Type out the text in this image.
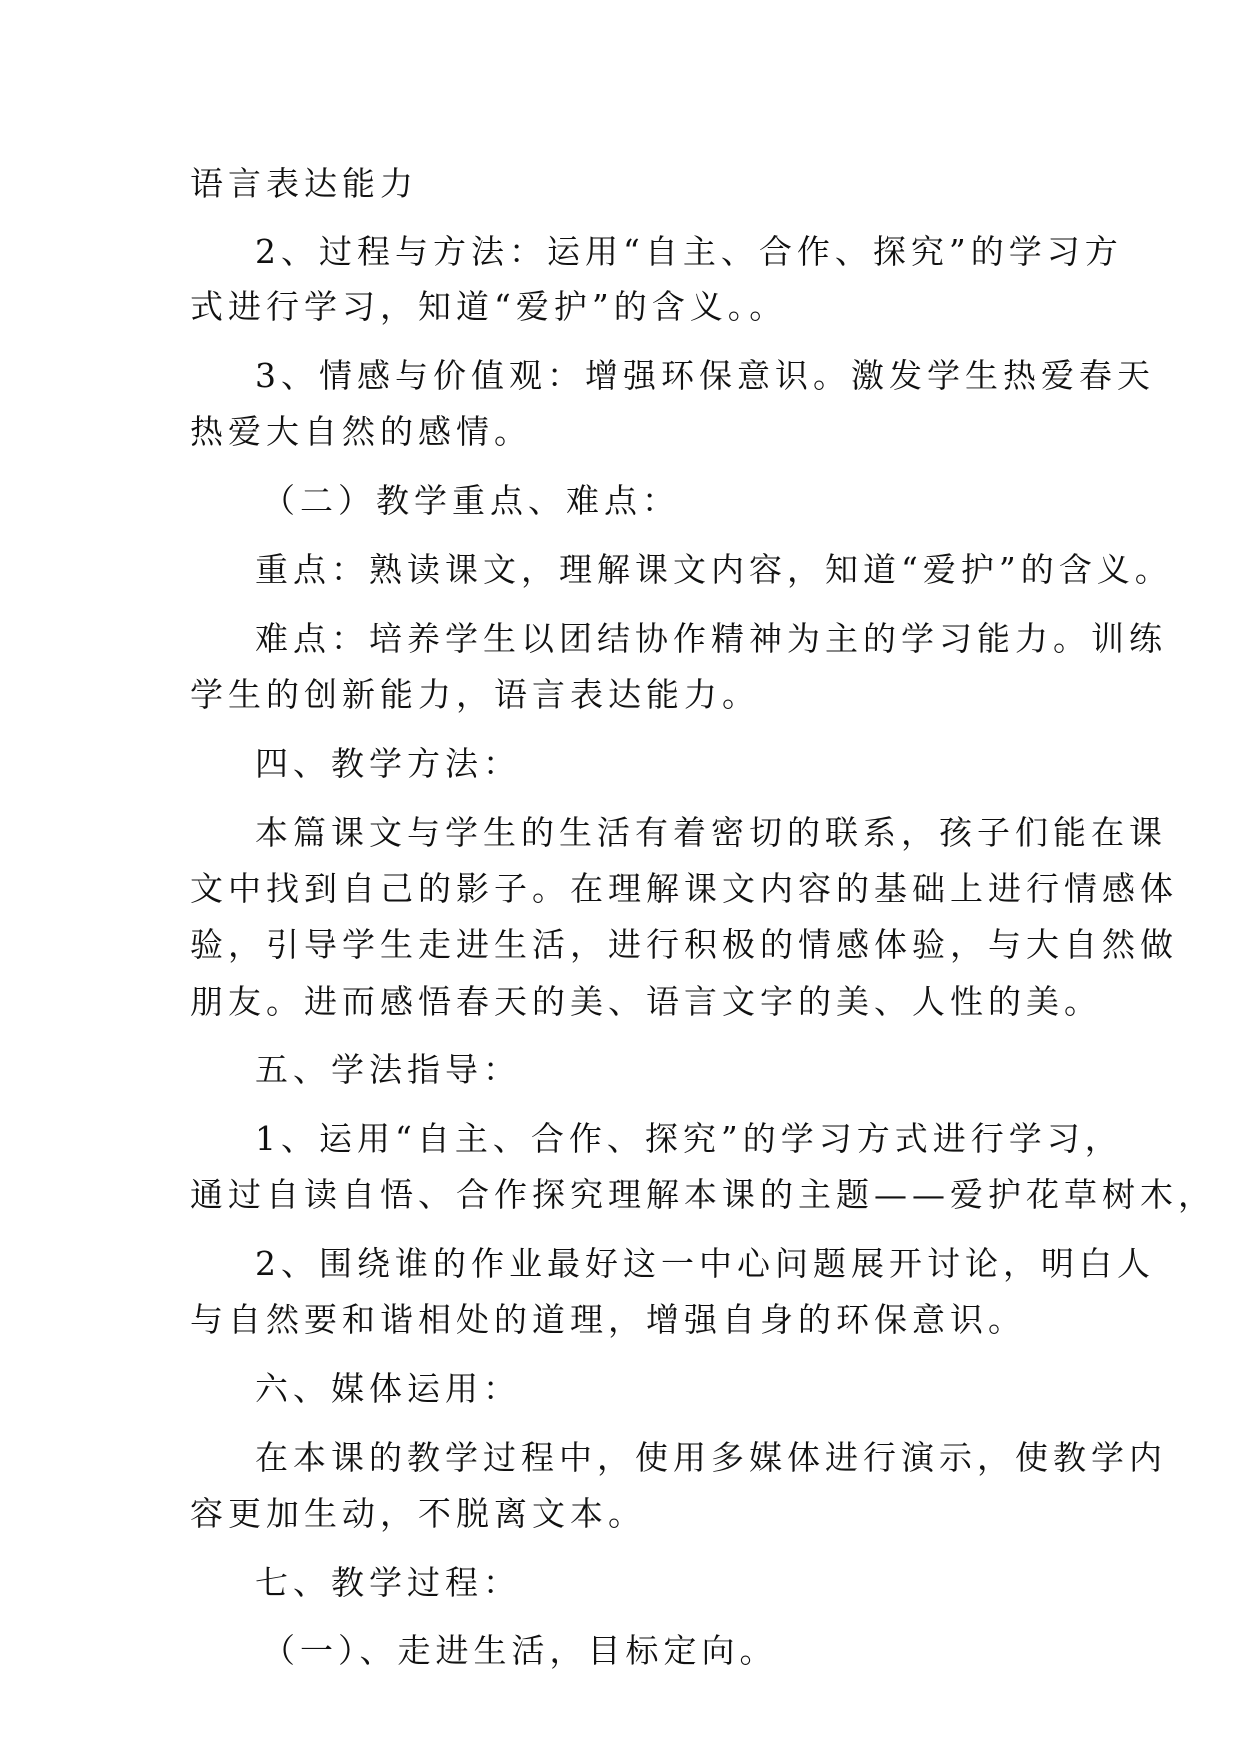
语言表达能力
2、过程与方法：运用“自主、合作、探究”的学习方
式进行学习，知道“爱护”的含义。。
3、情感与价值观：增强环保意识。激发学生热爱春天
热爱大自然的感情。
（二）教学重点、难点：
重点：熟读课文，理解课文内容，知道“爱护”的含义。
难点：培养学生以团结协作精神为主的学习能力。训练
学生的创新能力，语言表达能力。
四、教学方法：
本篇课文与学生的生活有着密切的联系，孩子们能在课
文中找到自己的影子。在理解课文内容的基础上进行情感体
验，引导学生走进生活，进行积极的情感体验，与大自然做
朋友。进而感悟春天的美、语言文字的美、人性的美。
五、学法指导：
1、运用“自主、合作、探究”的学习方式进行学习，
通过自读自悟、合作探究理解本课的主题——爱护花草树木，
2、围绕谁的作业最好这一中心问题展开讨论，明白人
与自然要和谐相处的道理，增强自身的环保意识。
六、媒体运用：
在本课的教学过程中，使用多媒体进行演示，使教学内
容更加生动，不脱离文本。
七、教学过程：
（一）、走进生活，目标定向。
